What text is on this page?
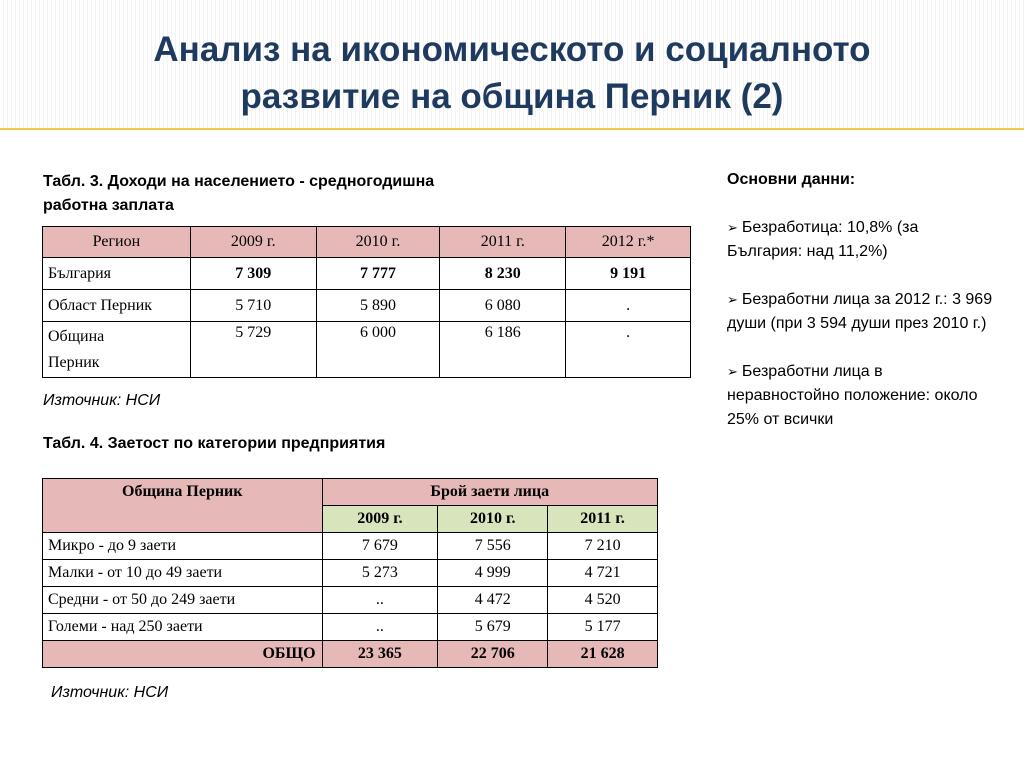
Анализ на икономическото и социалното
развитие на община Перник (2)
Табл. 3. Доходи на населението - средногодишна
работна заплата
Регион	2009 г.	2010 г.	2011 г.	2012 г.*
България	7 309	7 777	8 230	9 191
Област Перник	5 710	5 890	6 080	.

Община
Перник	5 729	6 000	6 186	.
Източник: НСИ
Табл. 4. Заетост по категории предприятия
Община Перник	Брой заети лица		
	2009 г.	2010 г.	2011 г.
Микро - до 9 заети	7 679	7 556	7 210
Малки - от 10 до 49 заети	5 273	4 999	4 721
Средни - от 50 до 249 заети	..	4 472	4 520
Големи - над 250 заети	..	5 679	5 177
ОБЩО	23 365	22 706	21 628
Източник: НСИ
Основни данни:
➢ Безработица: 10,8% (за България: над 11,2%)
➢ Безработни лица за 2012 г.: 3 969 души (при 3 594 души през 2010 г.)
➢ Безработни лица в неравностойно положение: около 25% от всички
